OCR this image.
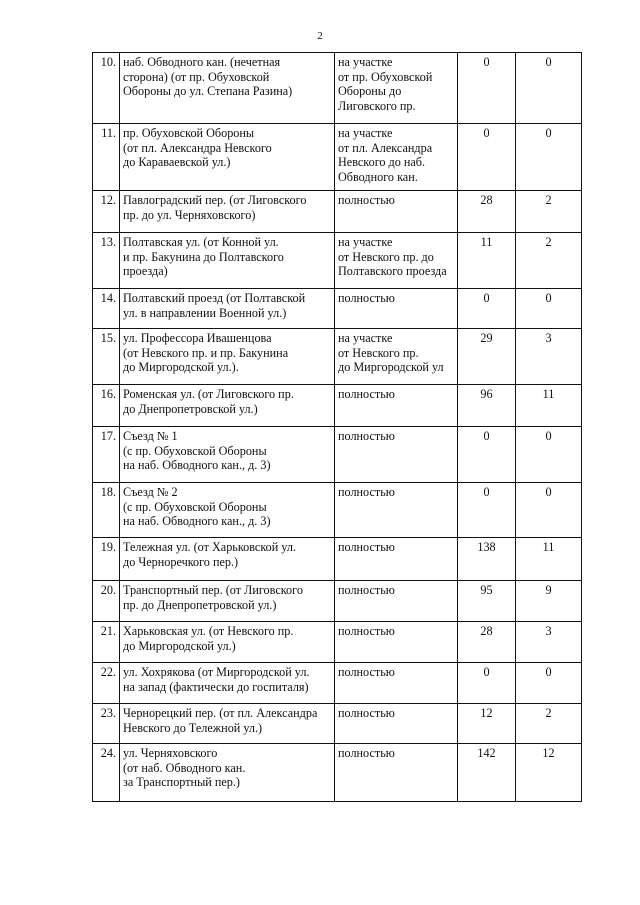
2
10.	наб. Обводного кан. (нечетная
сторона) (от пр. Обуховской
Обороны до ул. Степана Разина)	на участке
от пр. Обуховской
Обороны до
Лиговского пр.	0	0
11.	пр. Обуховской Обороны
(от пл. Александра Невского
до Караваевской ул.)	на участке
от пл. Александра
Невского до наб.
Обводного кан.	0	0
12.	Павлоградский пер. (от Лиговского
пр. до ул. Черняховского)	полностью	28	2
13.	Полтавская ул. (от Конной ул.
и пр. Бакунина до Полтавского
проезда)	на участке
от Невского пр. до
Полтавского проезда	11	2
14.	Полтавский проезд (от Полтавской
ул. в направлении Военной ул.)	полностью	0	0
15.	ул. Профессора Ивашенцова
(от Невского пр. и пр. Бакунина
до Миргородской ул.).	на участке
от Невского пр.
до Миргородской ул	29	3
16.	Роменская ул. (от Лиговского пр.
до Днепропетровской ул.)	полностью	96	11
17.	Съезд № 1
(с пр. Обуховской Обороны
на наб. Обводного кан., д. 3)	полностью	0	0
18.	Съезд № 2
(с пр. Обуховской Обороны
на наб. Обводного кан., д. 3)	полностью	0	0
19.	Тележная ул. (от Харьковской ул.
до Черноречкого пер.)	полностью	138	11
20.	Транспортный пер. (от Лиговского
пр. до Днепропетровской ул.)	полностью	95	9
21.	Харьковская ул. (от Невского пр.
до Миргородской ул.)	полностью	28	3
22.	ул. Хохрякова (от Миргородской ул.
на запад (фактически до госпиталя)	полностью	0	0
23.	Чернорецкий пер. (от пл. Александра
Невского до Тележной ул.)	полностью	12	2
24.	ул. Черняховского
(от наб. Обводного кан.
за Транспортный пер.)	полностью	142	12
